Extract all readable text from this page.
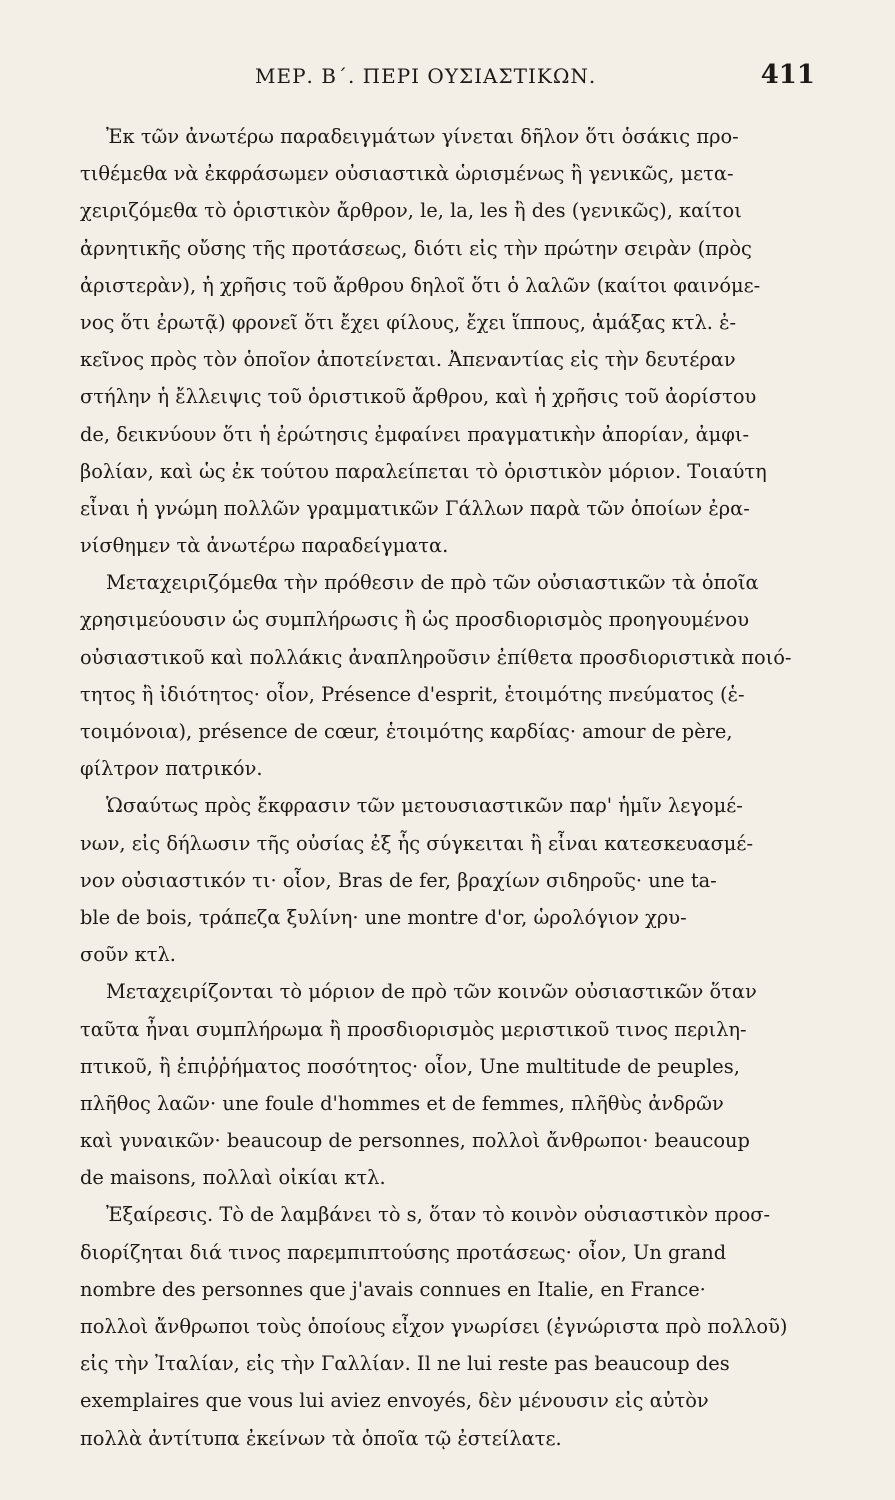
ΜΕΡ. Β΄. ΠΕΡΙ ΟΥΣΙΑΣΤΙΚΩΝ.	411
Ἐκ τῶν ἀνωτέρω παραδειγμάτων γίνεται δῆλον ὅτι ὁσάκις προ-
τιθέμεθα νὰ ἐκφράσωμεν οὐσιαστικὰ ὡρισμένως ἢ γενικῶς, μετα-
χειριζόμεθα τὸ ὁριστικὸν ἄρθρον, le, la, les ἢ des (γενικῶς), καίτοι
ἀρνητικῆς οὔσης τῆς προτάσεως, διότι εἰς τὴν πρώτην σειρὰν (πρὸς
ἀριστερὰν), ἡ χρῆσις τοῦ ἄρθρου δηλοῖ ὅτι ὁ λαλῶν (καίτοι φαινόμε-
νος ὅτι ἐρωτᾷ) φρονεῖ ὅτι ἔχει φίλους, ἔχει ἵππους, ἁμάξας κτλ. ἐ-
κεῖνος πρὸς τὸν ὁποῖον ἀποτείνεται. Ἀπεναντίας εἰς τὴν δευτέραν
στήλην ἡ ἔλλειψις τοῦ ὁριστικοῦ ἄρθρου, καὶ ἡ χρῆσις τοῦ ἀορίστου
de, δεικνύουν ὅτι ἡ ἐρώτησις ἐμφαίνει πραγματικὴν ἀπορίαν, ἀμφι-
βολίαν, καὶ ὡς ἐκ τούτου παραλείπεται τὸ ὁριστικὸν μόριον. Τοιαύτη
εἶναι ἡ γνώμη πολλῶν γραμματικῶν Γάλλων παρὰ τῶν ὁποίων ἐρα-
νίσθημεν τὰ ἀνωτέρω παραδείγματα.
Μεταχειριζόμεθα τὴν πρόθεσιν de πρὸ τῶν οὐσιαστικῶν τὰ ὁποῖα
χρησιμεύουσιν ὡς συμπλήρωσις ἢ ὡς προσδιορισμὸς προηγουμένου
οὐσιαστικοῦ καὶ πολλάκις ἀναπληροῦσιν ἐπίθετα προσδιοριστικὰ ποιό-
τητος ἢ ἰδιότητος· οἷον, Présence d'esprit, ἑτοιμότης πνεύματος (ἑ-
τοιμόνοια), présence de cœur, ἑτοιμότης καρδίας· amour de père,
φίλτρον πατρικόν.
Ὡσαύτως πρὸς ἔκφρασιν τῶν μετουσιαστικῶν παρ' ἡμῖν λεγομέ-
νων, εἰς δήλωσιν τῆς οὐσίας ἐξ ἧς σύγκειται ἢ εἶναι κατεσκευασμέ-
νον οὐσιαστικόν τι· οἷον, Bras de fer, βραχίων σιδηροῦς· une ta-
ble de bois, τράπεζα ξυλίνη· une montre d'or, ὡρολόγιον χρυ-
σοῦν κτλ.
Μεταχειρίζονται τὸ μόριον de πρὸ τῶν κοινῶν οὐσιαστικῶν ὅταν
ταῦτα ἦναι συμπλήρωμα ἢ προσδιορισμὸς μεριστικοῦ τινος περιλη-
πτικοῦ, ἢ ἐπιῤῥήματος ποσότητος· οἷον, Une multitude de peuples,
πλῆθος λαῶν· une foule d'hommes et de femmes, πλῆθὺς ἀνδρῶν
καὶ γυναικῶν· beaucoup de personnes, πολλοὶ ἄνθρωποι· beaucoup
de maisons, πολλαὶ οἰκίαι κτλ.
Ἐξαίρεσις. Τὸ de λαμβάνει τὸ s, ὅταν τὸ κοινὸν οὐσιαστικὸν προσ-
διορίζηται διά τινος παρεμπιπτούσης προτάσεως· οἷον, Un grand
nombre des personnes que j'avais connues en Italie, en France·
πολλοὶ ἄνθρωποι τοὺς ὁποίους εἶχον γνωρίσει (ἐγνώριστα πρὸ πολλοῦ)
εἰς τὴν Ἰταλίαν, εἰς τὴν Γαλλίαν. Il ne lui reste pas beaucoup des
exemplaires que vous lui aviez envoyés, δὲν μένουσιν εἰς αὐτὸν
πολλὰ ἀντίτυπα ἐκείνων τὰ ὁποῖα τῷ ἐστείλατε.
